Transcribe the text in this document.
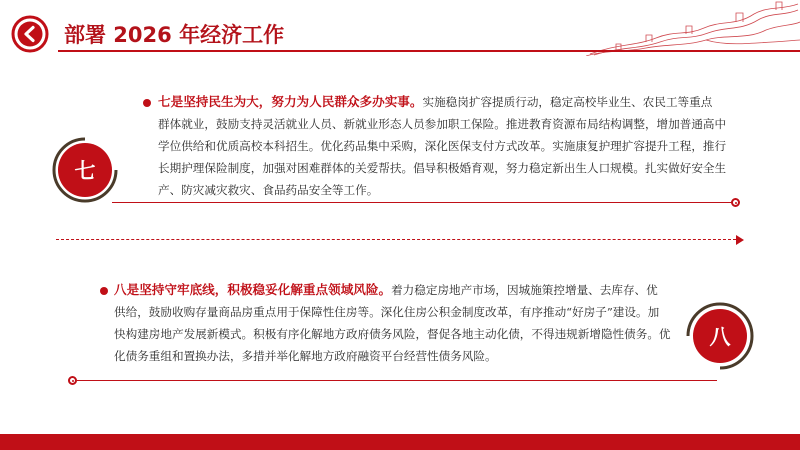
部署 2026 年经济工作
七
七是坚持民生为大，努力为人民群众多办实事。实施稳岗扩容提质行动，稳定高校毕业生、农民工等重点
群体就业，鼓励支持灵活就业人员、新就业形态人员参加职工保险。推进教育资源布局结构调整，增加普通高中
学位供给和优质高校本科招生。优化药品集中采购，深化医保支付方式改革。实施康复护理扩容提升工程，推行
长期护理保险制度，加强对困难群体的关爱帮扶。倡导积极婚育观，努力稳定新出生人口规模。扎实做好安全生
产、防灾减灾救灾、食品药品安全等工作。
八是坚持守牢底线，积极稳妥化解重点领域风险。着力稳定房地产市场，因城施策控增量、去库存、优
供给，鼓励收购存量商品房重点用于保障性住房等。深化住房公积金制度改革，有序推动“好房子”建设。加
快构建房地产发展新模式。积极有序化解地方政府债务风险，督促各地主动化债，不得违规新增隐性债务。优
化债务重组和置换办法，多措并举化解地方政府融资平台经营性债务风险。
八
